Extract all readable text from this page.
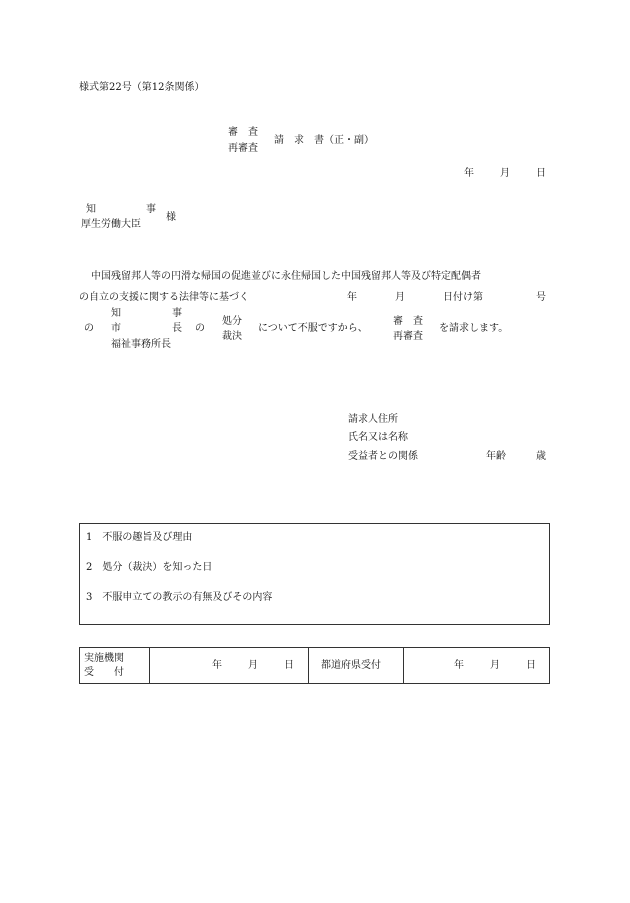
様式第22号（第12条関係）
審　査
再審査
請　求　書（正・副）
年	月	日
知	事
厚生労働大臣
様
中国残留邦人等の円滑な帰国の促進並びに永住帰国した中国残留邦人等及び特定配偶者
の自立の支援に関する法律等に基づく	年	月	日付け第	号
の
知	事
市	長
福祉事務所長
の
処分
裁決
について不服ですから、
審　査
再審査
を請求します。
請求人住所
氏名又は名称
受益者との関係	年齢	歳
1　不服の趣旨及び理由
2　処分（裁決）を知った日
3　不服申立ての教示の有無及びその内容
実施機関
受　　付
年	月	日	都道府県受付	年	月	日
